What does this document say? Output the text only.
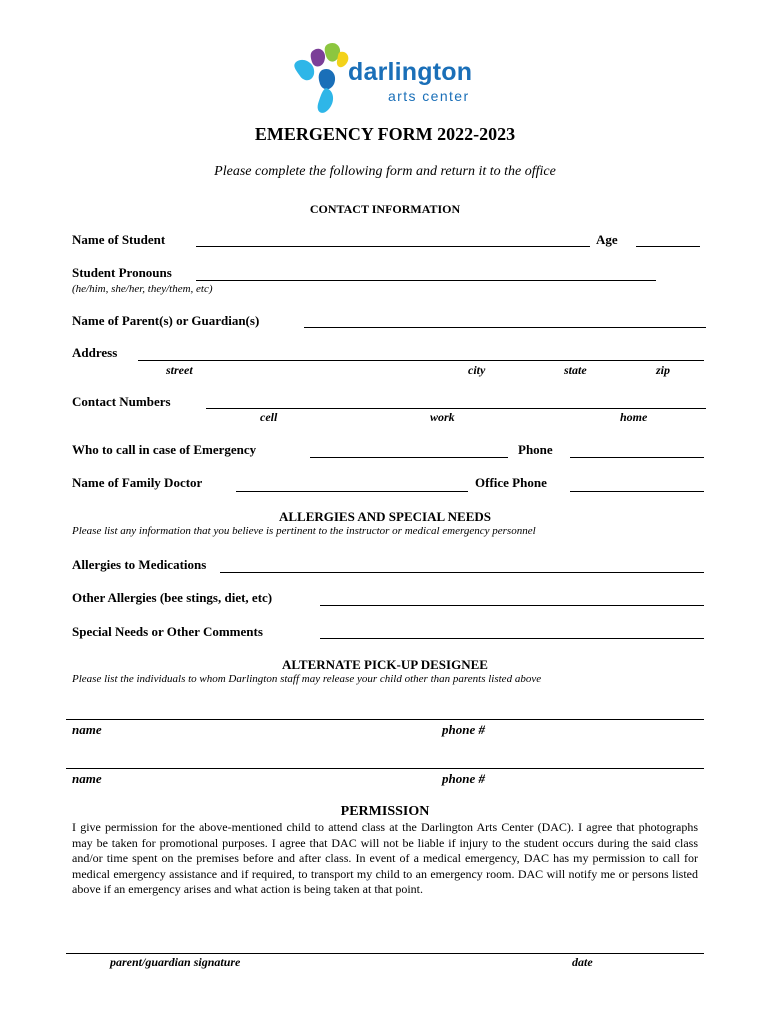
darlington
arts center
EMERGENCY FORM 2022-2023
Please complete the following form and return it to the office
CONTACT INFORMATION
Name of Student	Age
Student Pronouns
(he/him, she/her, they/them, etc)
Name of Parent(s) or Guardian(s)
Address
street	city	state	zip
Contact Numbers
cell	work	home
Who to call in case of Emergency	Phone
Name of Family Doctor	Office Phone
ALLERGIES AND SPECIAL NEEDS
Please list any information that you believe is pertinent to the instructor or medical emergency personnel
Allergies to Medications
Other Allergies (bee stings, diet, etc)
Special Needs or Other Comments
ALTERNATE PICK-UP DESIGNEE
Please list the individuals to whom Darlington staff may release your child other than parents listed above
name	phone #
name	phone #
PERMISSION
I give permission for the above-mentioned child to attend class at the Darlington Arts Center (DAC). I agree that photographs may be taken for promotional purposes. I agree that DAC will not be liable if injury to the student occurs during the said class and/or time spent on the premises before and after class. In event of a medical emergency, DAC has my permission to call for medical emergency assistance and if required, to transport my child to an emergency room. DAC will notify me or persons listed above if an emergency arises and what action is being taken at that point.
parent/guardian signature	date
